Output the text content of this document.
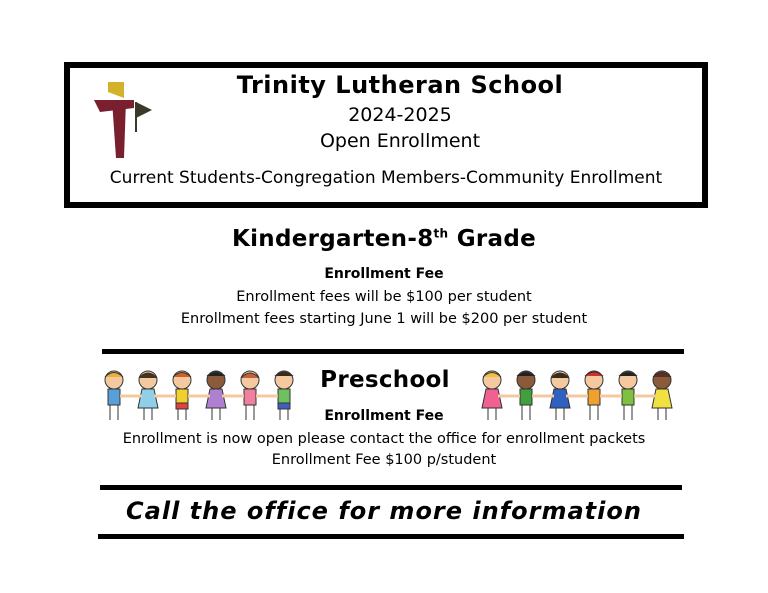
Trinity Lutheran School
2024-2025
Open Enrollment
Current Students-Congregation Members-Community Enrollment
Kindergarten-8th Grade
Enrollment Fee
Enrollment fees will be $100 per student
Enrollment fees starting June 1 will be $200 per student
Preschool
Enrollment Fee
Enrollment is now open please contact the office for enrollment packets
Enrollment Fee $100 p/student
Call the office for more information
